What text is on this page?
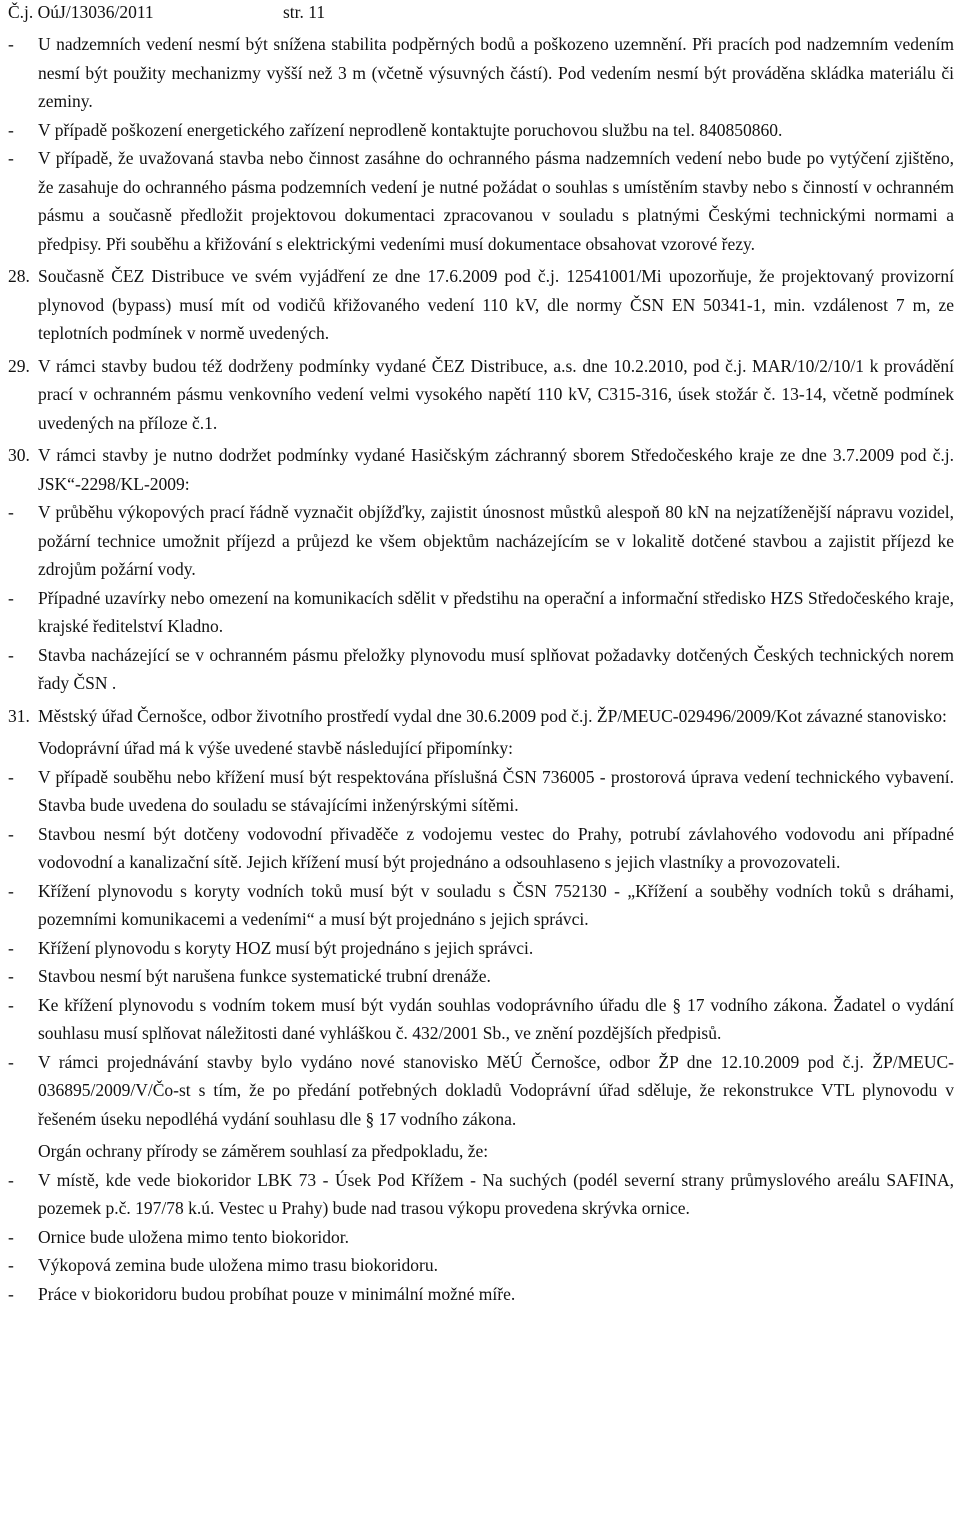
Č.j. OúJ/13036/2011	str. 11
-	U nadzemních vedení nesmí být snížena stabilita podpěrných bodů a poškozeno uzemnění. Při pracích pod nadzemním vedením nesmí být použity mechanizmy vyšší než 3 m (včetně výsuvných částí). Pod vedením nesmí být prováděna skládka materiálu či zeminy.
-	V případě poškození energetického zařízení neprodleně kontaktujte poruchovou službu na tel. 840850860.
-	V případě, že uvažovaná stavba nebo činnost zasáhne do ochranného pásma nadzemních vedení nebo bude po vytýčení zjištěno, že zasahuje do ochranného pásma podzemních vedení je nutné požádat o souhlas s umístěním stavby nebo s činností v ochranném pásmu a současně předložit projektovou dokumentaci zpracovanou v souladu s platnými Českými technickými normami a předpisy. Při souběhu a křižování s elektrickými vedeními musí dokumentace obsahovat vzorové řezy.
28. Současně ČEZ Distribuce ve svém vyjádření ze dne 17.6.2009 pod č.j. 12541001/Mi upozorňuje, že projektovaný provizorní plynovod (bypass) musí mít od vodičů křižovaného vedení 110 kV, dle normy ČSN EN 50341-1, min. vzdálenost 7 m, ze teplotních podmínek v normě uvedených.
29. V rámci stavby budou též dodrženy podmínky vydané ČEZ Distribuce, a.s. dne 10.2.2010, pod č.j. MAR/10/2/10/1 k provádění prací v ochranném pásmu venkovního vedení velmi vysokého napětí 110 kV, C315-316, úsek stožár č. 13-14, včetně podmínek uvedených na příloze č.1.
30. V rámci stavby je nutno dodržet podmínky vydané Hasičským záchranný sborem Středočeského kraje ze dne 3.7.2009 pod č.j. JSK“-2298/KL-2009:
-	V průběhu výkopových prací řádně vyznačit objížďky, zajistit únosnost můstků alespoň 80 kN na nejzatíženější nápravu vozidel, požární technice umožnit příjezd a průjezd ke všem objektům nacházejícím se v lokalitě dotčené stavbou a zajistit příjezd ke zdrojům požární vody.
-	Případné uzavírky nebo omezení na komunikacích sdělit v předstihu na operační a informační středisko HZS Středočeského kraje, krajské ředitelství Kladno.
-	Stavba nacházející se v ochranném pásmu přeložky plynovodu musí splňovat požadavky dotčených Českých technických norem řady ČSN .
31. Městský úřad Černošce, odbor životního prostředí vydal dne 30.6.2009 pod č.j. ŽP/MEUC-029496/2009/Kot závazné stanovisko:
Vodoprávní úřad má k výše uvedené stavbě následující připomínky:
-	V případě souběhu nebo křížení musí být respektována příslušná ČSN 736005 - prostorová úprava vedení technického vybavení. Stavba bude uvedena do souladu se stávajícími inženýrskými sítěmi.
-	Stavbou nesmí být dotčeny vodovodní přivaděče z vodojemu vestec do Prahy, potrubí závlahového vodovodu ani případné vodovodní a kanalizační sítě. Jejich křížení musí být projednáno a odsouhlaseno s jejich vlastníky a provozovateli.
-	Křížení plynovodu s koryty vodních toků musí být v souladu s ČSN 752130 - „Křížení a souběhy vodních toků s dráhami, pozemními komunikacemi a vedeními“ a musí být projednáno s jejich správci.
-	Křížení plynovodu s koryty HOZ musí být projednáno s jejich správci.
-	Stavbou nesmí být narušena funkce systematické trubní drenáže.
-	Ke křížení plynovodu s vodním tokem musí být vydán souhlas vodoprávního úřadu dle § 17 vodního zákona. Žadatel o vydání souhlasu musí splňovat náležitosti dané vyhláškou č. 432/2001 Sb., ve znění pozdějších předpisů.
-	V rámci projednávání stavby bylo vydáno nové stanovisko MěÚ Černošce, odbor ŽP dne 12.10.2009 pod č.j. ŽP/MEUC-036895/2009/V/Čo-st s tím, že po předání potřebných dokladů Vodoprávní úřad sděluje, že rekonstrukce VTL plynovodu v řešeném úseku nepodléhá vydání souhlasu dle § 17 vodního zákona.
Orgán ochrany přírody se záměrem souhlasí za předpokladu, že:
-	V místě, kde vede biokoridor LBK 73 - Úsek Pod Křížem - Na suchých (podél severní strany průmyslového areálu SAFINA, pozemek p.č. 197/78 k.ú. Vestec u Prahy) bude nad trasou výkopu provedena skrývka ornice.
-	Ornice bude uložena mimo tento biokoridor.
-	Výkopová zemina bude uložena mimo trasu biokoridoru.
-	Práce v biokoridoru budou probíhat pouze v minimální možné míře.
